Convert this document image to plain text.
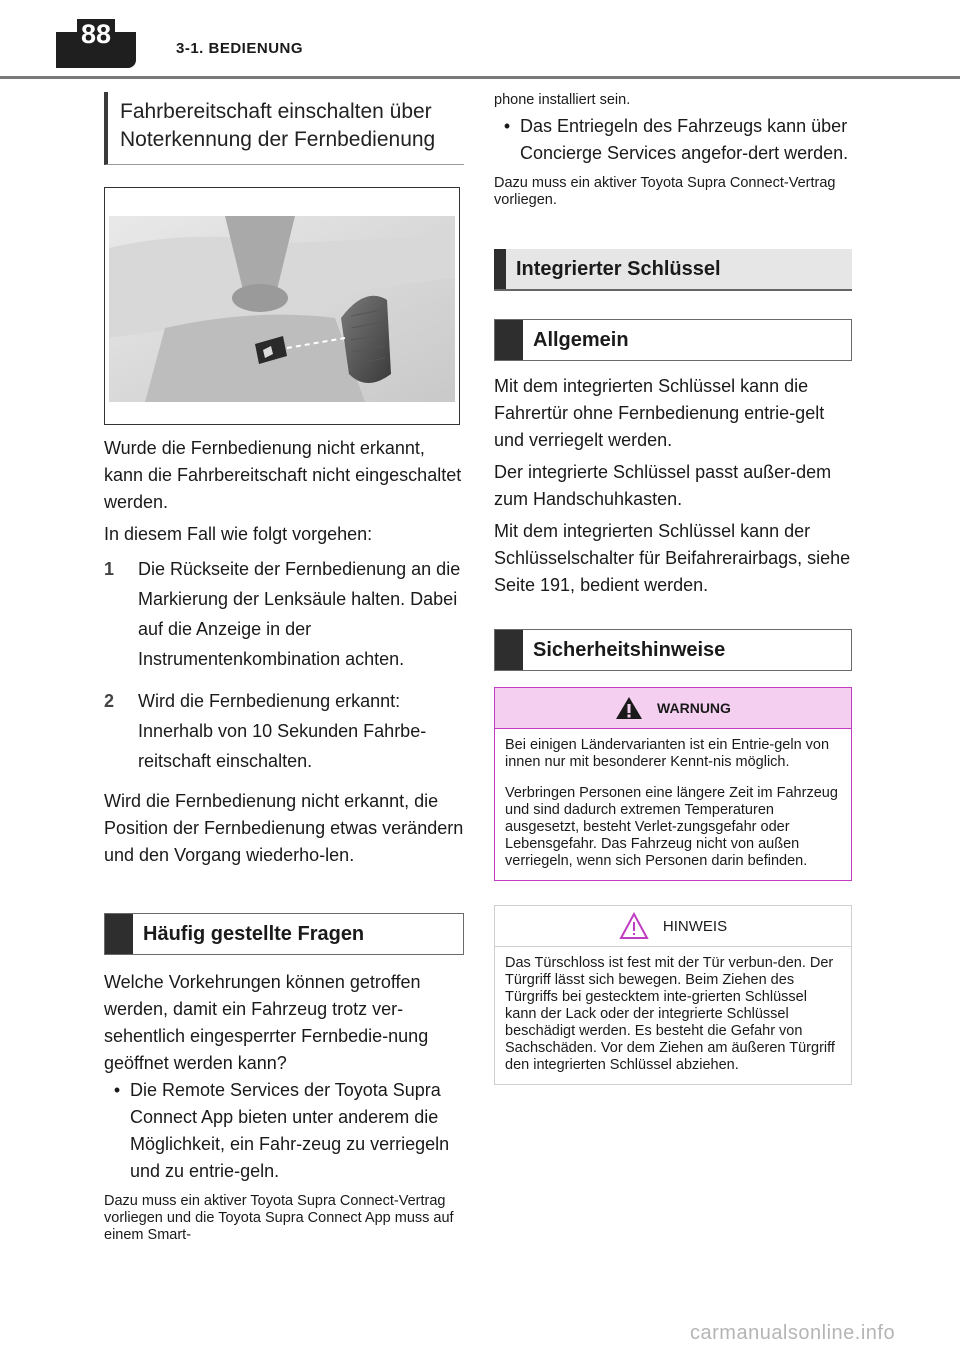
88	3-1. BEDIENUNG
Fahrbereitschaft einschalten über Noterkennung der Fernbedienung

Wurde die Fernbedienung nicht erkannt, kann die Fahrbereitschaft nicht eingeschaltet werden.

In diesem Fall wie folgt vorgehen:

1	Die Rückseite der Fernbedienung an die Markierung der Lenksäule halten. Dabei auf die Anzeige in der Instrumentenkombination achten.
2	Wird die Fernbedienung erkannt: Innerhalb von 10 Sekunden Fahrbe-reitschaft einschalten.

Wird die Fernbedienung nicht erkannt, die Position der Fernbedienung etwas verändern und den Vorgang wiederho-len.

Häufig gestellte Fragen

Welche Vorkehrungen können getroffen werden, damit ein Fahrzeug trotz ver-sehentlich eingesperrter Fernbedie-nung geöffnet werden kann?

• Die Remote Services der Toyota Supra Connect App bieten unter anderem die Möglichkeit, ein Fahr-zeug zu verriegeln und zu entrie-geln.

Dazu muss ein aktiver Toyota Supra Connect-Vertrag vorliegen und die Toyota Supra Connect App muss auf einem Smart-

phone installiert sein.

• Das Entriegeln des Fahrzeugs kann über Concierge Services angefor-dert werden.

Dazu muss ein aktiver Toyota Supra Connect-Vertrag vorliegen.

Integrierter Schlüssel
Allgemein

Mit dem integrierten Schlüssel kann die Fahrertür ohne Fernbedienung entrie-gelt und verriegelt werden.

Der integrierte Schlüssel passt außer-dem zum Handschuhkasten.

Mit dem integrierten Schlüssel kann der Schlüsselschalter für Beifahrerairbags, siehe Seite 191, bedient werden.

Sicherheitshinweise
WARNUNG

Bei einigen Ländervarianten ist ein Entrie-geln von innen nur mit besonderer Kennt-nis möglich.

Verbringen Personen eine längere Zeit im Fahrzeug und sind dadurch extremen Temperaturen ausgesetzt, besteht Verlet-zungsgefahr oder Lebensgefahr. Das Fahrzeug nicht von außen verriegeln, wenn sich Personen darin befinden.

HINWEIS

Das Türschloss ist fest mit der Tür verbun-den. Der Türgriff lässt sich bewegen. Beim Ziehen des Türgriffs bei gestecktem inte-grierten Schlüssel kann der Lack oder der integrierte Schlüssel beschädigt werden. Es besteht die Gefahr von Sachschäden. Vor dem Ziehen am äußeren Türgriff den integrierten Schlüssel abziehen.

carmanualsonline.info
